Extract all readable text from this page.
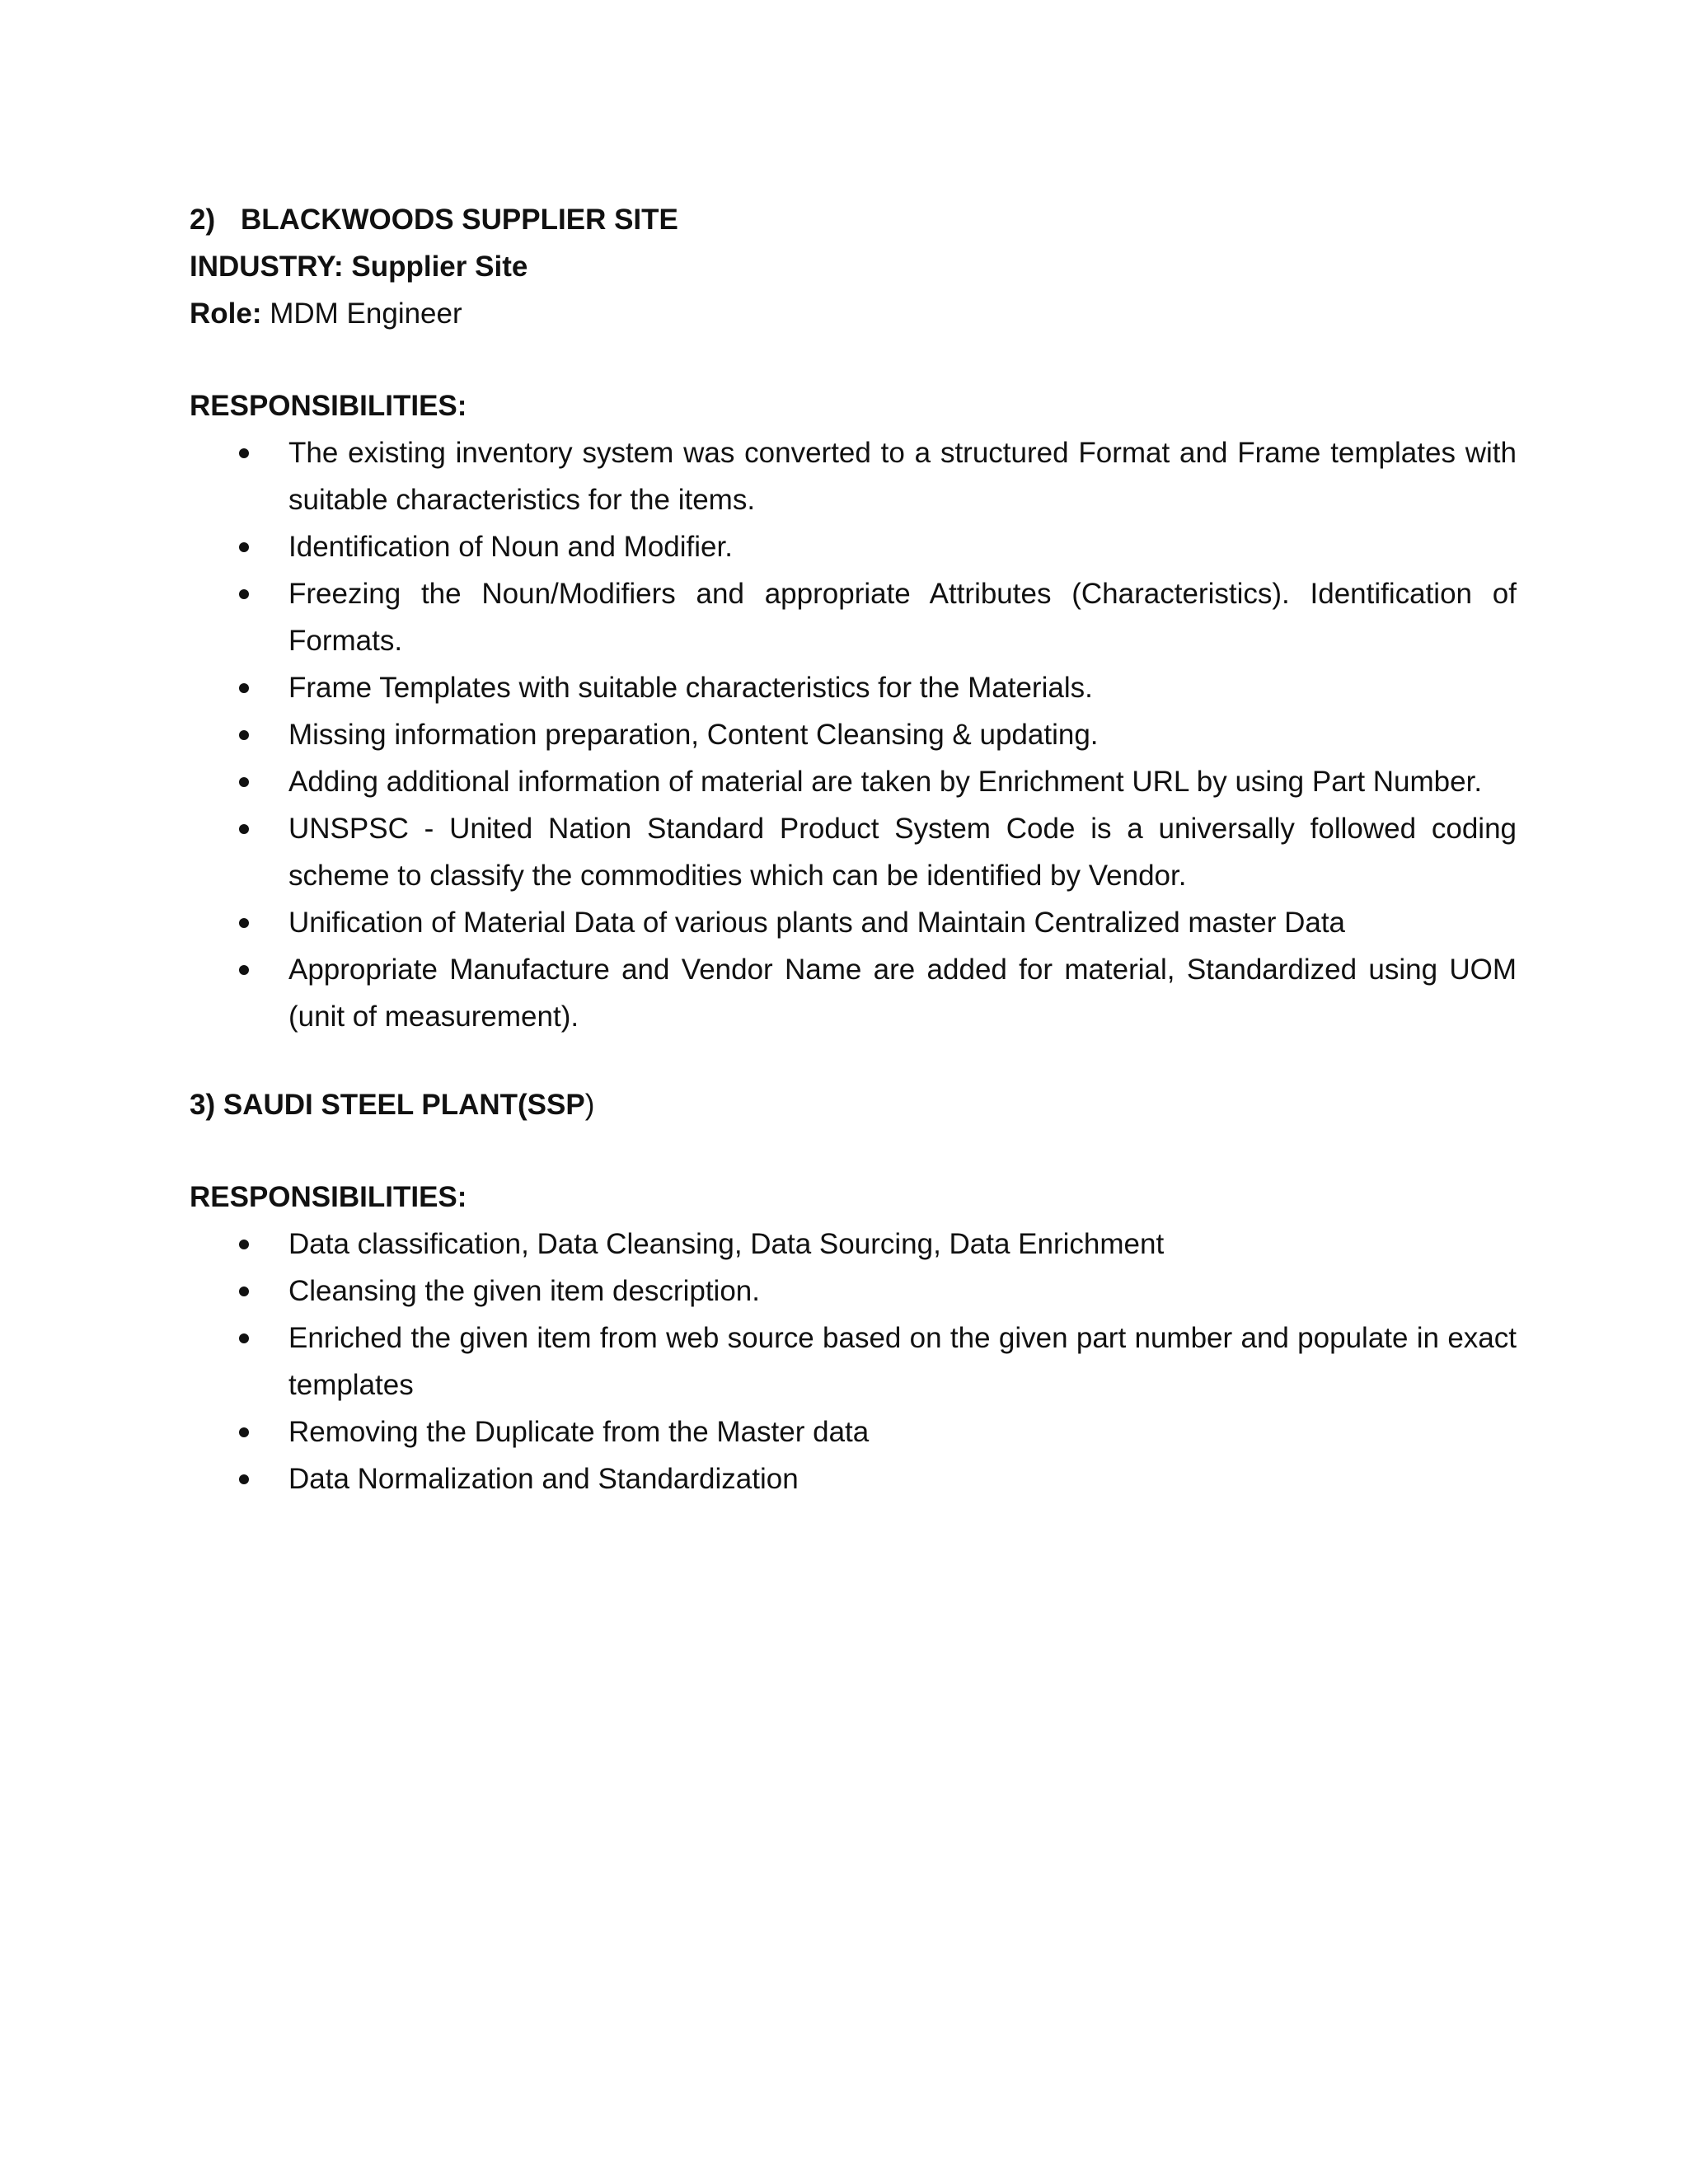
2) BLACKWOODS SUPPLIER SITE

INDUSTRY: Supplier Site

Role: MDM Engineer

RESPONSIBILITIES:

The existing inventory system was converted to a structured Format and Frame templates with suitable characteristics for the items.
Identification of Noun and Modifier.
Freezing the Noun/Modifiers and appropriate Attributes (Characteristics). Identification of Formats.
Frame Templates with suitable characteristics for the Materials.
Missing information preparation, Content Cleansing & updating.
Adding additional information of material are taken by Enrichment URL by using Part Number.
UNSPSC - United Nation Standard Product System Code is a universally followed coding scheme to classify the commodities which can be identified by Vendor.
Unification of Material Data of various plants and Maintain Centralized master Data
Appropriate Manufacture and Vendor Name are added for material, Standardized using UOM (unit of measurement).

3) SAUDI STEEL PLANT(SSP)

RESPONSIBILITIES:

Data classification, Data Cleansing, Data Sourcing, Data Enrichment
Cleansing the given item description.
Enriched the given item from web source based on the given part number and populate in exact templates
Removing the Duplicate from the Master data
Data Normalization and Standardization
